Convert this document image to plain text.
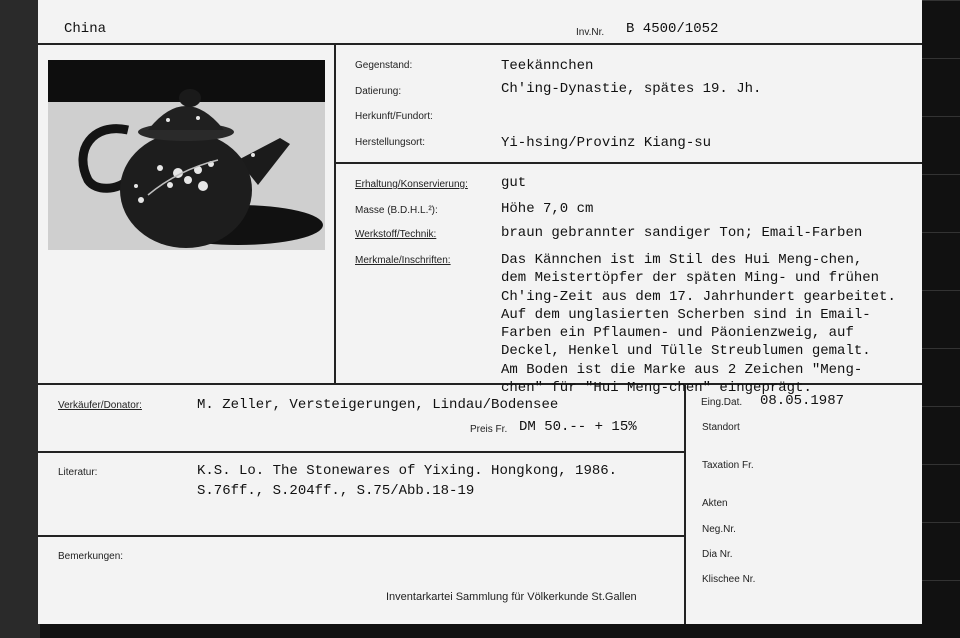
China	Inv.Nr. B 4500/1052
Gegenstand:	Teekännchen
Datierung:	Ch'ing-Dynastie, spätes 19. Jh.
Herkunft/Fundort:
Herstellungsort:	Yi-hsing/Provinz Kiang-su
Erhaltung/Konservierung: gut
Masse (B.D.H.L.²):	Höhe 7,0 cm
Werkstoff/Technik:	braun gebrannter sandiger Ton; Email-Farben
Merkmale/Inschriften:	Das Kännchen ist im Stil des Hui Meng-chen,
dem Meistertöpfer der späten Ming- und frühen
Ch'ing-Zeit aus dem 17. Jahrhundert gearbeitet.
Auf dem unglasierten Scherben sind in Email-
Farben ein Pflaumen- und Päonienzweig, auf
Deckel, Henkel und Tülle Streublumen gemalt.
Am Boden ist die Marke aus 2 Zeichen "Meng-
chen" für "Hui Meng-chen" eingeprägt.
Verkäufer/Donator:	M. Zeller, Versteigerungen, Lindau/Bodensee
Preis Fr. DM 50.-- + 15%
Literatur:	K.S. Lo. The Stonewares of Yixing. Hongkong, 1986.
S.76ff., S.204ff., S.75/Abb.18-19
Bemerkungen:
Inventarkartei Sammlung für Völkerkunde St.Gallen
Eing.Dat. 08.05.1987
Standort
Taxation Fr.
Akten
Neg.Nr.
Dia Nr.
Klischee Nr.
